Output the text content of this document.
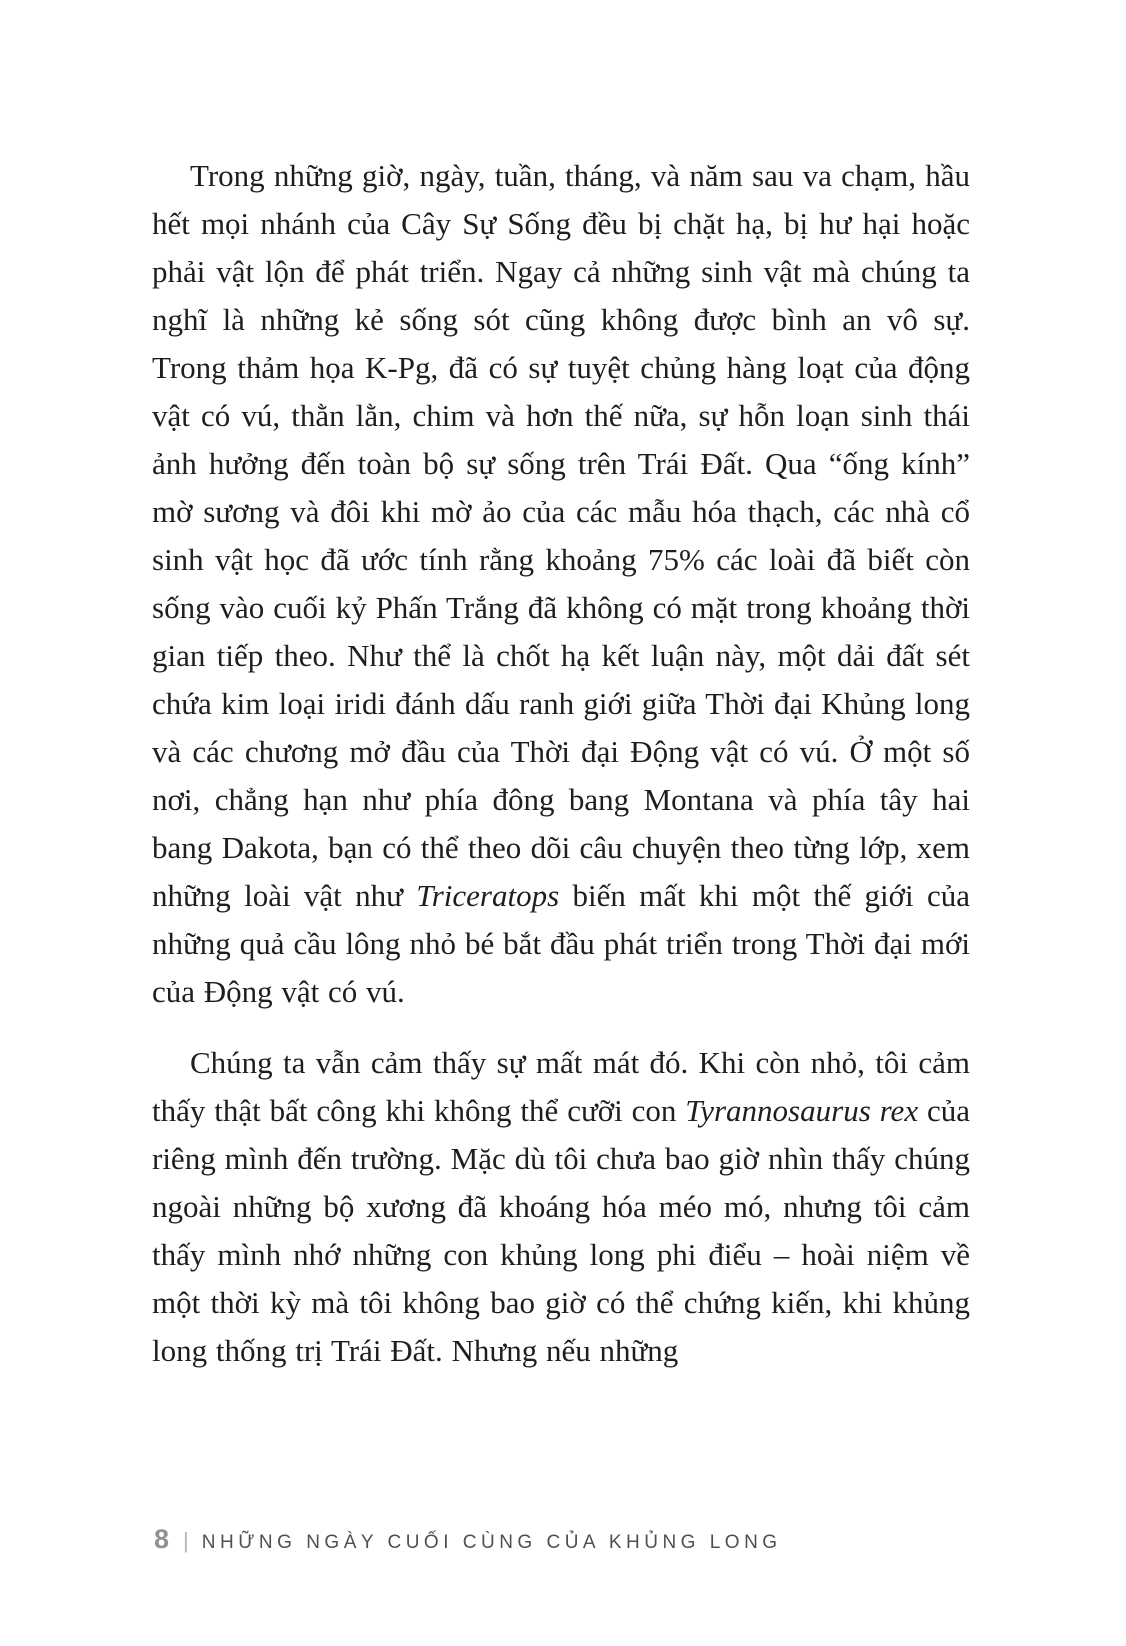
Trong những giờ, ngày, tuần, tháng, và năm sau va chạm, hầu hết mọi nhánh của Cây Sự Sống đều bị chặt hạ, bị hư hại hoặc phải vật lộn để phát triển. Ngay cả những sinh vật mà chúng ta nghĩ là những kẻ sống sót cũng không được bình an vô sự. Trong thảm họa K-Pg, đã có sự tuyệt chủng hàng loạt của động vật có vú, thằn lằn, chim và hơn thế nữa, sự hỗn loạn sinh thái ảnh hưởng đến toàn bộ sự sống trên Trái Đất. Qua “ống kính” mờ sương và đôi khi mờ ảo của các mẫu hóa thạch, các nhà cổ sinh vật học đã ước tính rằng khoảng 75% các loài đã biết còn sống vào cuối kỷ Phấn Trắng đã không có mặt trong khoảng thời gian tiếp theo. Như thể là chốt hạ kết luận này, một dải đất sét chứa kim loại iridi đánh dấu ranh giới giữa Thời đại Khủng long và các chương mở đầu của Thời đại Động vật có vú. Ở một số nơi, chẳng hạn như phía đông bang Montana và phía tây hai bang Dakota, bạn có thể theo dõi câu chuyện theo từng lớp, xem những loài vật như Triceratops biến mất khi một thế giới của những quả cầu lông nhỏ bé bắt đầu phát triển trong Thời đại mới của Động vật có vú.

Chúng ta vẫn cảm thấy sự mất mát đó. Khi còn nhỏ, tôi cảm thấy thật bất công khi không thể cưỡi con Tyrannosaurus rex của riêng mình đến trường. Mặc dù tôi chưa bao giờ nhìn thấy chúng ngoài những bộ xương đã khoáng hóa méo mó, nhưng tôi cảm thấy mình nhớ những con khủng long phi điểu – hoài niệm về một thời kỳ mà tôi không bao giờ có thể chứng kiến, khi khủng long thống trị Trái Đất. Nhưng nếu những

8 | NHỮNG NGÀY CUỐI CÙNG CỦA KHỦNG LONG
